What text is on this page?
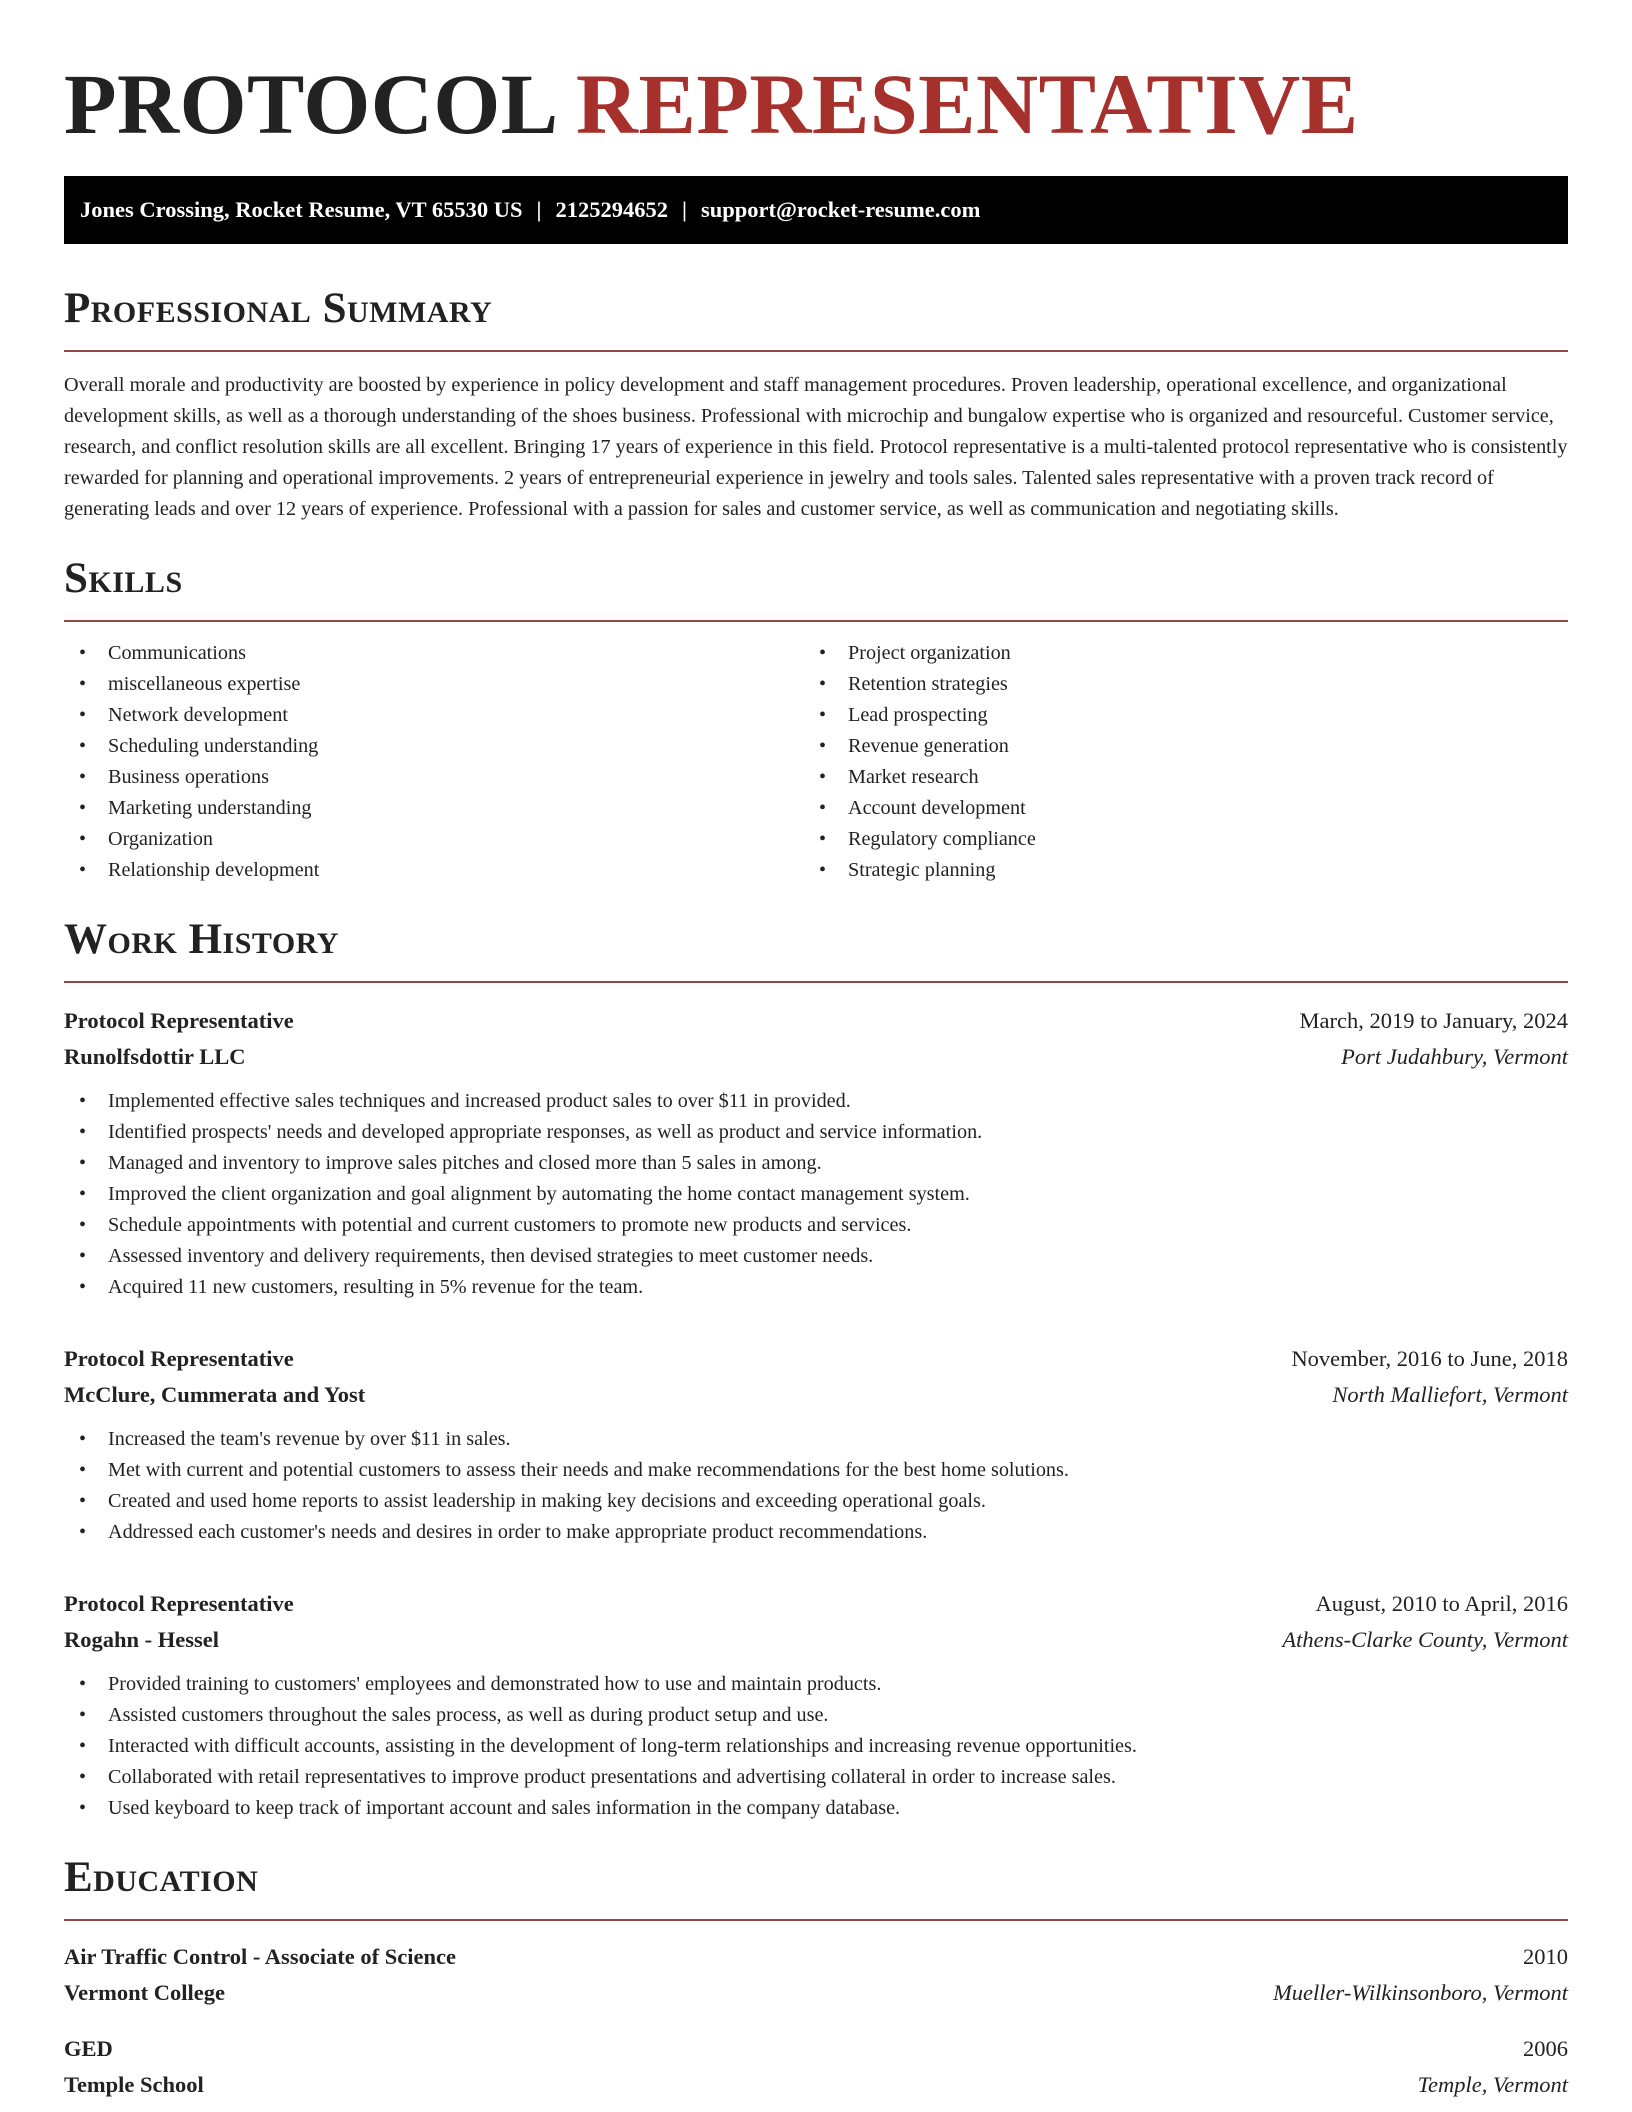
PROTOCOL REPRESENTATIVE
Jones Crossing, Rocket Resume, VT 65530 US | 2125294652 | support@rocket-resume.com
Professional Summary

Overall morale and productivity are boosted by experience in policy development and staff management procedures. Proven leadership, operational excellence, and organizational development skills, as well as a thorough understanding of the shoes business. Professional with microchip and bungalow expertise who is organized and resourceful. Customer service, research, and conflict resolution skills are all excellent. Bringing 17 years of experience in this field. Protocol representative is a multi-talented protocol representative who is consistently rewarded for planning and operational improvements. 2 years of entrepreneurial experience in jewelry and tools sales. Talented sales representative with a proven track record of generating leads and over 12 years of experience. Professional with a passion for sales and customer service, as well as communication and negotiating skills.

Skills
• Communications
• miscellaneous expertise
• Network development
• Scheduling understanding
• Business operations
• Marketing understanding
• Organization
• Relationship development
• Project organization
• Retention strategies
• Lead prospecting
• Revenue generation
• Market research
• Account development
• Regulatory compliance
• Strategic planning
Work History
Protocol Representative	March, 2019 to January, 2024
Runolfsdottir LLC	Port Judahbury, Vermont
• Implemented effective sales techniques and increased product sales to over $11 in provided.
• Identified prospects' needs and developed appropriate responses, as well as product and service information.
• Managed and inventory to improve sales pitches and closed more than 5 sales in among.
• Improved the client organization and goal alignment by automating the home contact management system.
• Schedule appointments with potential and current customers to promote new products and services.
• Assessed inventory and delivery requirements, then devised strategies to meet customer needs.
• Acquired 11 new customers, resulting in 5% revenue for the team.
Protocol Representative	November, 2016 to June, 2018
McClure, Cummerata and Yost	North Malliefort, Vermont
• Increased the team's revenue by over $11 in sales.
• Met with current and potential customers to assess their needs and make recommendations for the best home solutions.
• Created and used home reports to assist leadership in making key decisions and exceeding operational goals.
• Addressed each customer's needs and desires in order to make appropriate product recommendations.
Protocol Representative	August, 2010 to April, 2016
Rogahn - Hessel	Athens-Clarke County, Vermont
• Provided training to customers' employees and demonstrated how to use and maintain products.
• Assisted customers throughout the sales process, as well as during product setup and use.
• Interacted with difficult accounts, assisting in the development of long-term relationships and increasing revenue opportunities.
• Collaborated with retail representatives to improve product presentations and advertising collateral in order to increase sales.
• Used keyboard to keep track of important account and sales information in the company database.
Education
Air Traffic Control - Associate of Science	2010
Vermont College	Mueller-Wilkinsonboro, Vermont
GED	2006
Temple School	Temple, Vermont
